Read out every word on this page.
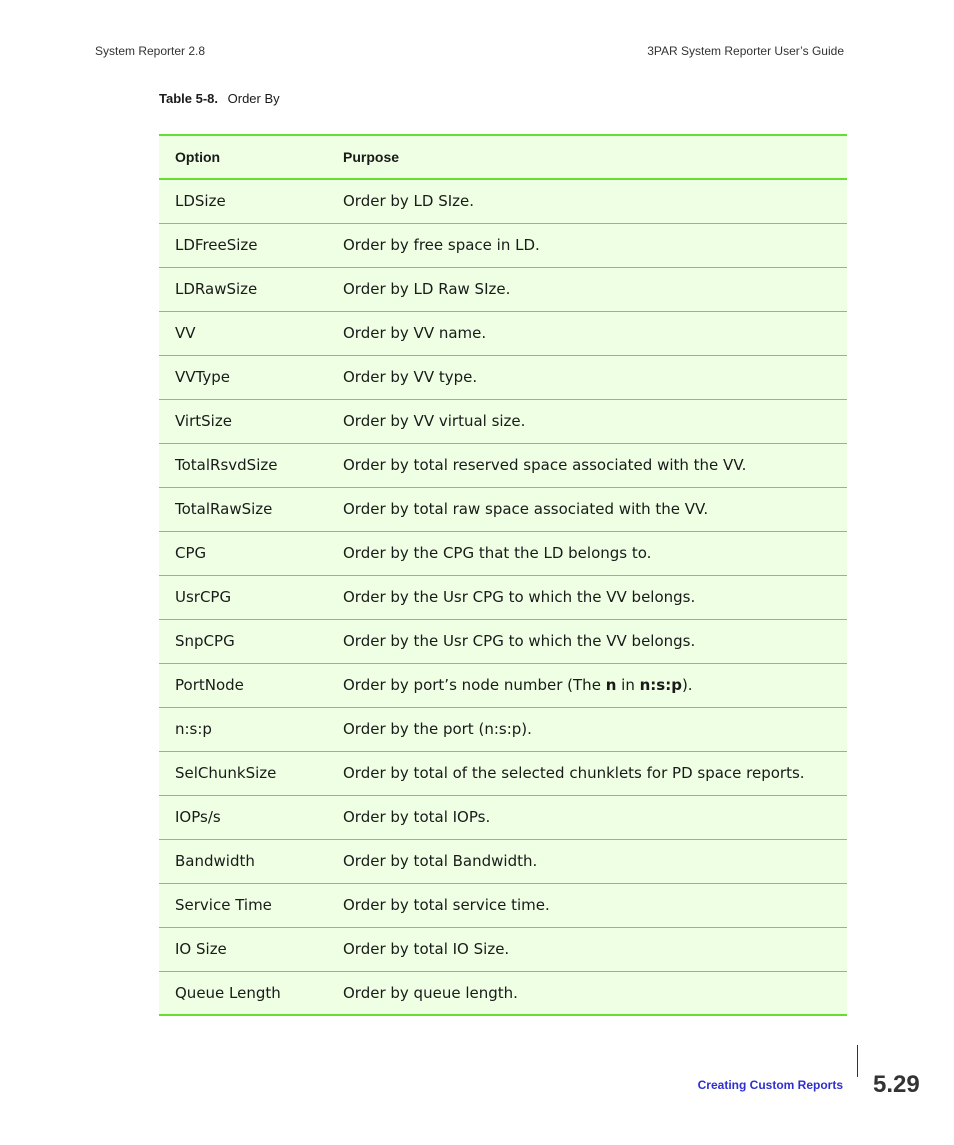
System Reporter 2.8	3PAR System Reporter User’s Guide
Table 5-8. Order By
Option	Purpose
LDSize	Order by LD SIze.
LDFreeSize	Order by free space in LD.
LDRawSize	Order by LD Raw SIze.
VV	Order by VV name.
VVType	Order by VV type.
VirtSize	Order by VV virtual size.
TotalRsvdSize	Order by total reserved space associated with the VV.
TotalRawSize	Order by total raw space associated with the VV.
CPG	Order by the CPG that the LD belongs to.
UsrCPG	Order by the Usr CPG to which the VV belongs.
SnpCPG	Order by the Usr CPG to which the VV belongs.
PortNode	Order by port’s node number (The n in n:s:p).
n:s:p	Order by the port (n:s:p).
SelChunkSize	Order by total of the selected chunklets for PD space reports.
IOPs/s	Order by total IOPs.
Bandwidth	Order by total Bandwidth.
Service Time	Order by total service time.
IO Size	Order by total IO Size.
Queue Length	Order by queue length.
Creating Custom Reports 5.29
